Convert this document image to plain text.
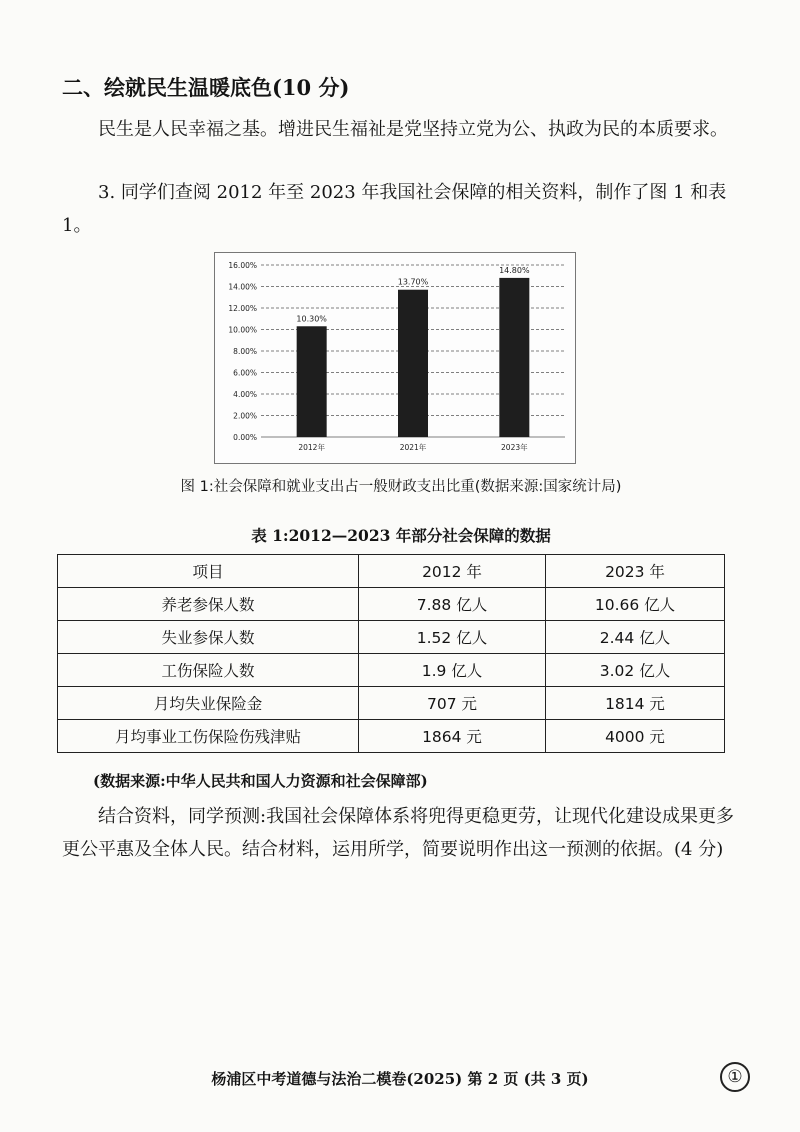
二、绘就民生温暖底色(10 分)

民生是人民幸福之基。增进民生福祉是党坚持立党为公、执政为民的本质要求。

3. 同学们查阅 2012 年至 2023 年我国社会保障的相关资料，制作了图 1 和表 1。

0.00%
2.00%
4.00%
6.00%
8.00%
10.00%
12.00%
14.00%
16.00%
10.30%
2012年
13.70%
2021年
14.80%
2023年
图 1:社会保障和就业支出占一般财政支出比重(数据来源:国家统计局)
表 1:2012—2023 年部分社会保障的数据
项目	2012 年	2023 年
养老参保人数	7.88 亿人	10.66 亿人
失业参保人数	1.52 亿人	2.44 亿人
工伤保险人数	1.9 亿人	3.02 亿人
月均失业保险金	707 元	1814 元
月均事业工伤保险伤残津贴	1864 元	4000 元
(数据来源:中华人民共和国人力资源和社会保障部)

结合资料，同学预测:我国社会保障体系将兜得更稳更劳，让现代化建设成果更多更公平惠及全体人民。结合材料，运用所学，简要说明作出这一预测的依据。(4 分)

杨浦区中考道德与法治二模卷(2025) 第 2 页 (共 3 页)	①
